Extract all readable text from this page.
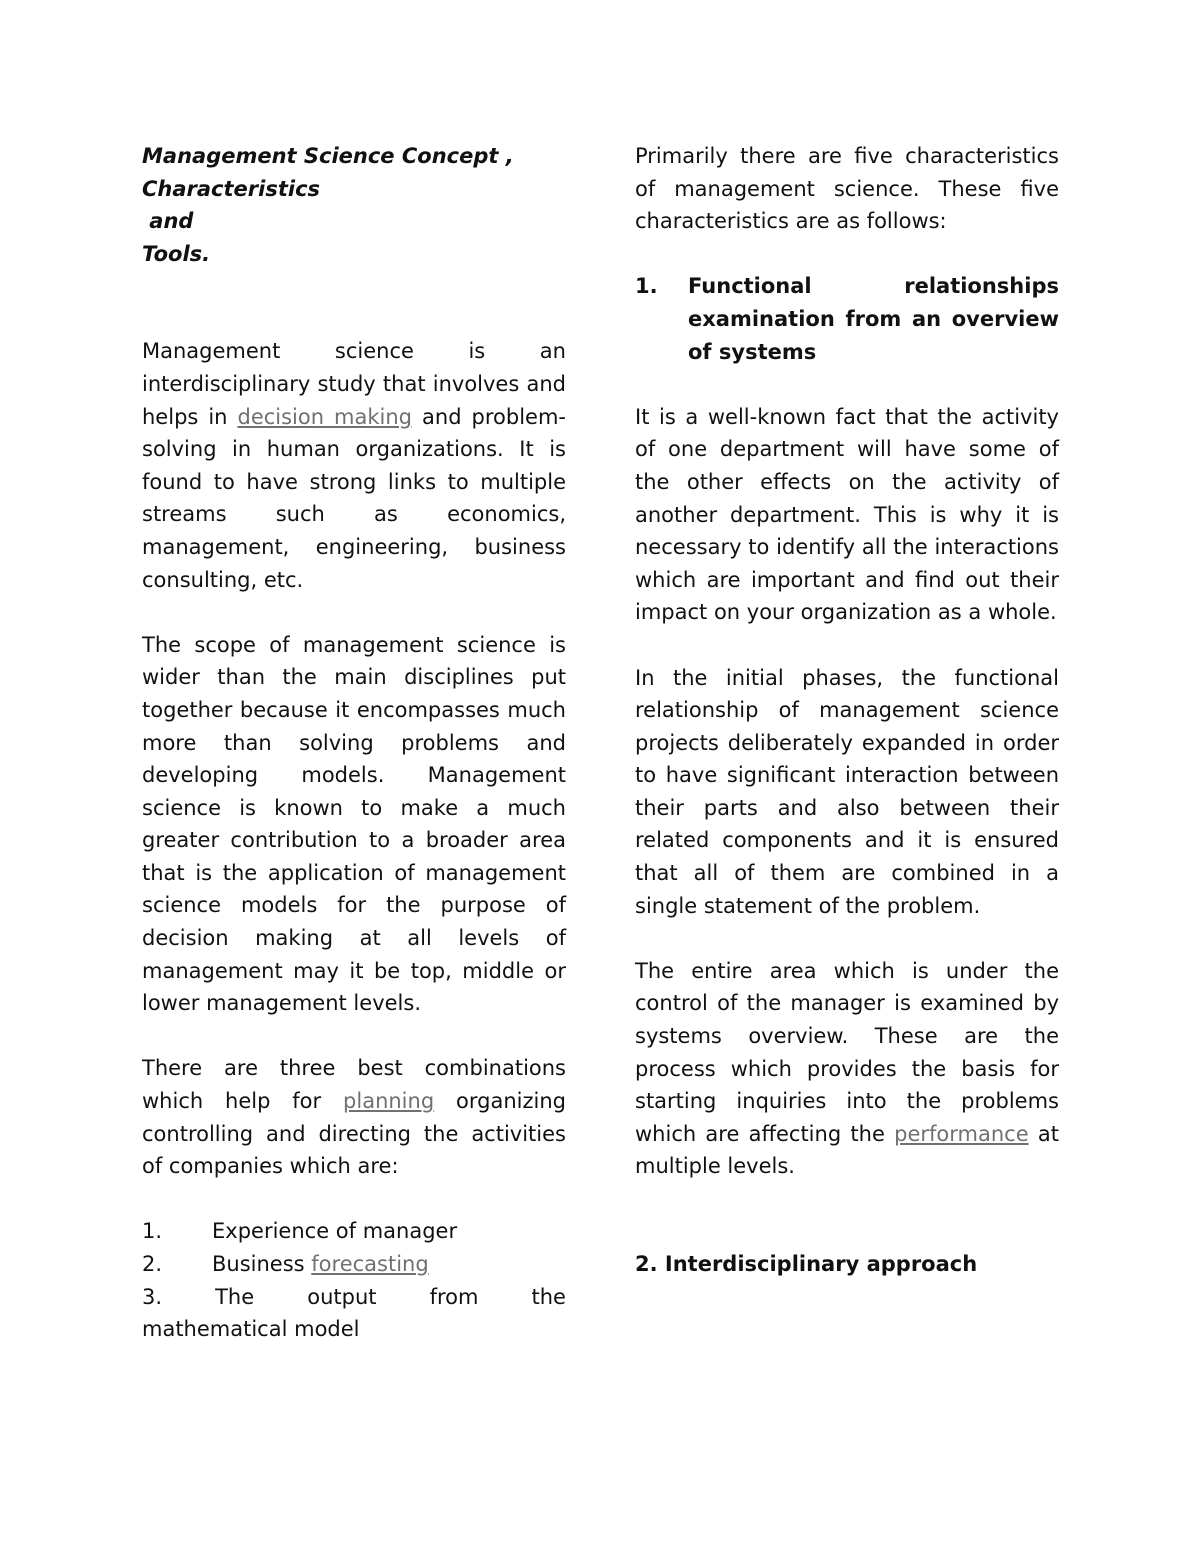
Management Science Concept ,
Characteristics
and
Tools.

Management science is an interdisciplinary study that involves and helps in decision making and problem-solving in human organizations. It is found to have strong links to multiple streams such as economics, management, engineering, business consulting, etc.

The scope of management science is wider than the main disciplines put together because it encompasses much more than solving problems and developing models. Management science is known to make a much greater contribution to a broader area that is the application of management science models for the purpose of decision making at all levels of management may it be top, middle or lower management levels.

There are three best combinations which help for planning organizing controlling and directing the activities of companies which are:

1.	Experience of manager
2.	Business forecasting
3.	The	output	from	the
mathematical model

Primarily there are five characteristics of management science. These five characteristics are as follows:

1.	Functional relationships examination from an overview of systems

It is a well-known fact that the activity of one department will have some of the other effects on the activity of another department. This is why it is necessary to identify all the interactions which are important and find out their impact on your organization as a whole.

In the initial phases, the functional relationship of management science projects deliberately expanded in order to have significant interaction between their parts and also between their related components and it is ensured that all of them are combined in a single statement of the problem.

The entire area which is under the control of the manager is examined by systems overview. These are the process which provides the basis for starting inquiries into the problems which are affecting the performance at multiple levels.

2. Interdisciplinary approach
